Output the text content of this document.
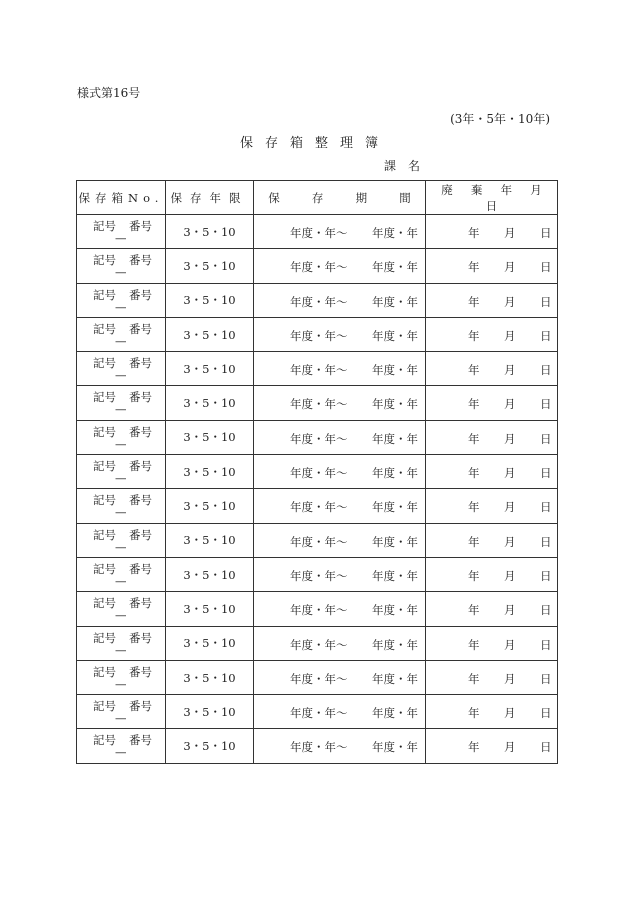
様式第16号
(3年・5年・10年)
保存箱整理簿
課名
保存箱No.	保存年限	保 存 期 間	廃 棄 年 月 日

記号 番号
—	3・5・10	年度・年〜 年度・年	年 月 日

記号 番号
—	3・5・10	年度・年〜 年度・年	年 月 日

記号 番号
—	3・5・10	年度・年〜 年度・年	年 月 日

記号 番号
—	3・5・10	年度・年〜 年度・年	年 月 日

記号 番号
—	3・5・10	年度・年〜 年度・年	年 月 日

記号 番号
—	3・5・10	年度・年〜 年度・年	年 月 日

記号 番号
—	3・5・10	年度・年〜 年度・年	年 月 日

記号 番号
—	3・5・10	年度・年〜 年度・年	年 月 日

記号 番号
—	3・5・10	年度・年〜 年度・年	年 月 日

記号 番号
—	3・5・10	年度・年〜 年度・年	年 月 日

記号 番号
—	3・5・10	年度・年〜 年度・年	年 月 日

記号 番号
—	3・5・10	年度・年〜 年度・年	年 月 日

記号 番号
—	3・5・10	年度・年〜 年度・年	年 月 日

記号 番号
—	3・5・10	年度・年〜 年度・年	年 月 日

記号 番号
—	3・5・10	年度・年〜 年度・年	年 月 日

記号 番号
—	3・5・10	年度・年〜 年度・年	年 月 日
